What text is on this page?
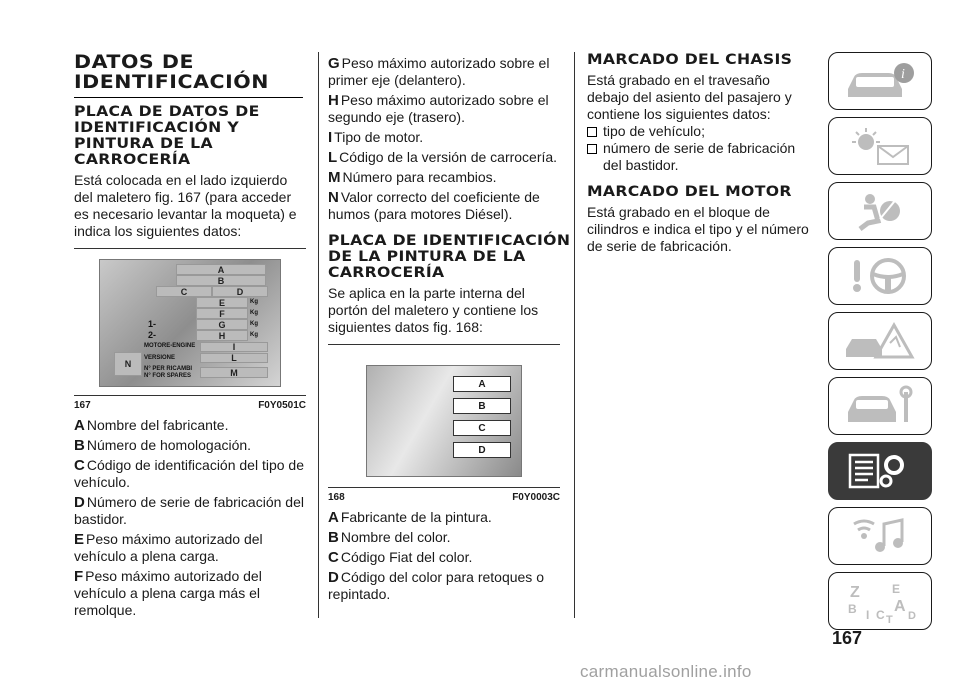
DATOS DE IDENTIFICACIÓN
PLACA DE DATOS DE IDENTIFICACIÓN Y PINTURA DE LA CARROCERÍA

Está colocada en el lado izquierdo del maletero fig. 167 (para acceder es necesario levantar la moqueta) e indica los siguientes datos:

A
B
C	D
E	Kg
F	Kg
1-	G	Kg
2-	H	Kg
MOTORE-ENGINE	I
VERSIONE	L
N° PER RICAMBI
N° FOR SPARES	M
N
167	F0Y0501C
A Nombre del fabricante.
B Número de homologación.
C Código de identificación del tipo de vehículo.
D Número de serie de fabricación del bastidor.
E Peso máximo autorizado del vehículo a plena carga.
F Peso máximo autorizado del vehículo a plena carga más el remolque.
G Peso máximo autorizado sobre el primer eje (delantero).
H Peso máximo autorizado sobre el segundo eje (trasero).
I Tipo de motor.
L Código de la versión de carrocería.
M Número para recambios.
N Valor correcto del coeficiente de humos (para motores Diésel).
PLACA DE IDENTIFICACIÓN DE LA PINTURA DE LA CARROCERÍA

Se aplica en la parte interna del portón del maletero y contiene los siguientes datos fig. 168:

A
B
C
D
168	F0Y0003C
A Fabricante de la pintura.
B Nombre del color.
C Código Fiat del color.
D Código del color para retoques o repintado.
MARCADO DEL CHASIS

Está grabado en el travesaño debajo del asiento del pasajero y contiene los siguientes datos:

tipo de vehículo;
número de serie de fabricación del bastidor.
MARCADO DEL MOTOR

Está grabado en el bloque de cilindros e indica el tipo y el número de serie de fabricación.

i
Z	E
B A
I C D
T
167
carmanualsonline.info
